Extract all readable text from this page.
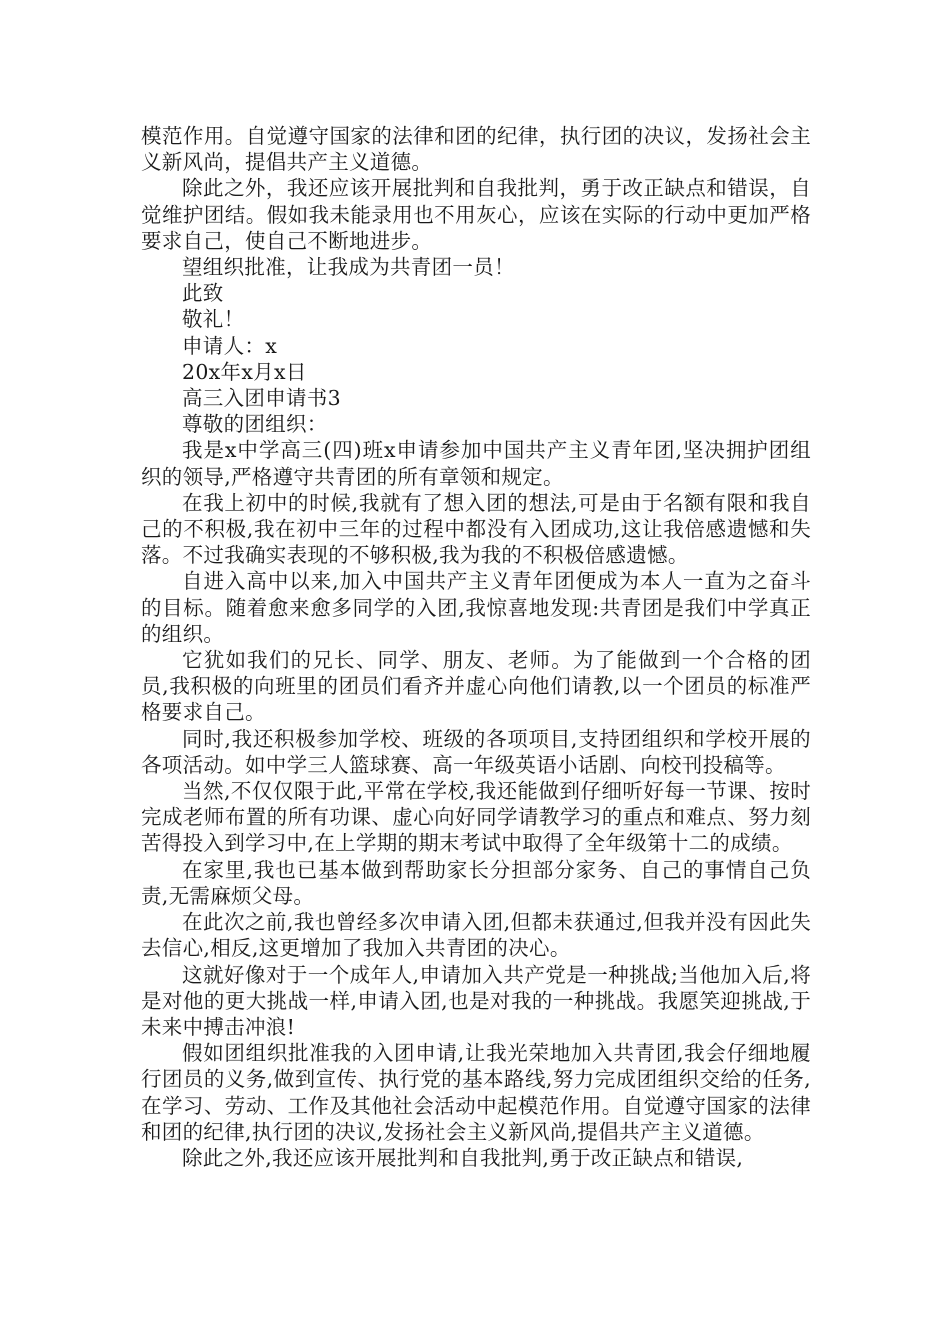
模范作用。自觉遵守国家的法律和团的纪律，执行团的决议，发扬社会主义新风尚，提倡共产主义道德。

除此之外，我还应该开展批判和自我批判，勇于改正缺点和错误，自觉维护团结。假如我未能录用也不用灰心，应该在实际的行动中更加严格要求自己，使自己不断地进步。

望组织批准，让我成为共青团一员！

此致

敬礼！

申请人：x

20x年x月x日

高三入团申请书3

尊敬的团组织：

我是x中学高三(四)班x申请参加中国共产主义青年团,坚决拥护团组织的领导,严格遵守共青团的所有章领和规定。

在我上初中的时候,我就有了想入团的想法,可是由于名额有限和我自己的不积极,我在初中三年的过程中都没有入团成功,这让我倍感遗憾和失落。不过我确实表现的不够积极,我为我的不积极倍感遗憾。

自进入高中以来,加入中国共产主义青年团便成为本人一直为之奋斗的目标。随着愈来愈多同学的入团,我惊喜地发现:共青团是我们中学真正的组织。

它犹如我们的兄长、同学、朋友、老师。为了能做到一个合格的团员,我积极的向班里的团员们看齐并虚心向他们请教,以一个团员的标准严格要求自己。

同时,我还积极参加学校、班级的各项项目,支持团组织和学校开展的各项活动。如中学三人篮球赛、高一年级英语小话剧、向校刊投稿等。

当然,不仅仅限于此,平常在学校,我还能做到仔细听好每一节课、按时完成老师布置的所有功课、虚心向好同学请教学习的重点和难点、努力刻苦得投入到学习中,在上学期的期末考试中取得了全年级第十二的成绩。

在家里,我也已基本做到帮助家长分担部分家务、自己的事情自己负责,无需麻烦父母。

在此次之前,我也曾经多次申请入团,但都未获通过,但我并没有因此失去信心,相反,这更增加了我加入共青团的决心。

这就好像对于一个成年人,申请加入共产党是一种挑战;当他加入后,将是对他的更大挑战一样,申请入团,也是对我的一种挑战。我愿笑迎挑战,于未来中搏击冲浪!

假如团组织批准我的入团申请,让我光荣地加入共青团,我会仔细地履行团员的义务,做到宣传、执行党的基本路线,努力完成团组织交给的任务,在学习、劳动、工作及其他社会活动中起模范作用。自觉遵守国家的法律和团的纪律,执行团的决议,发扬社会主义新风尚,提倡共产主义道德。

除此之外,我还应该开展批判和自我批判,勇于改正缺点和错误,
